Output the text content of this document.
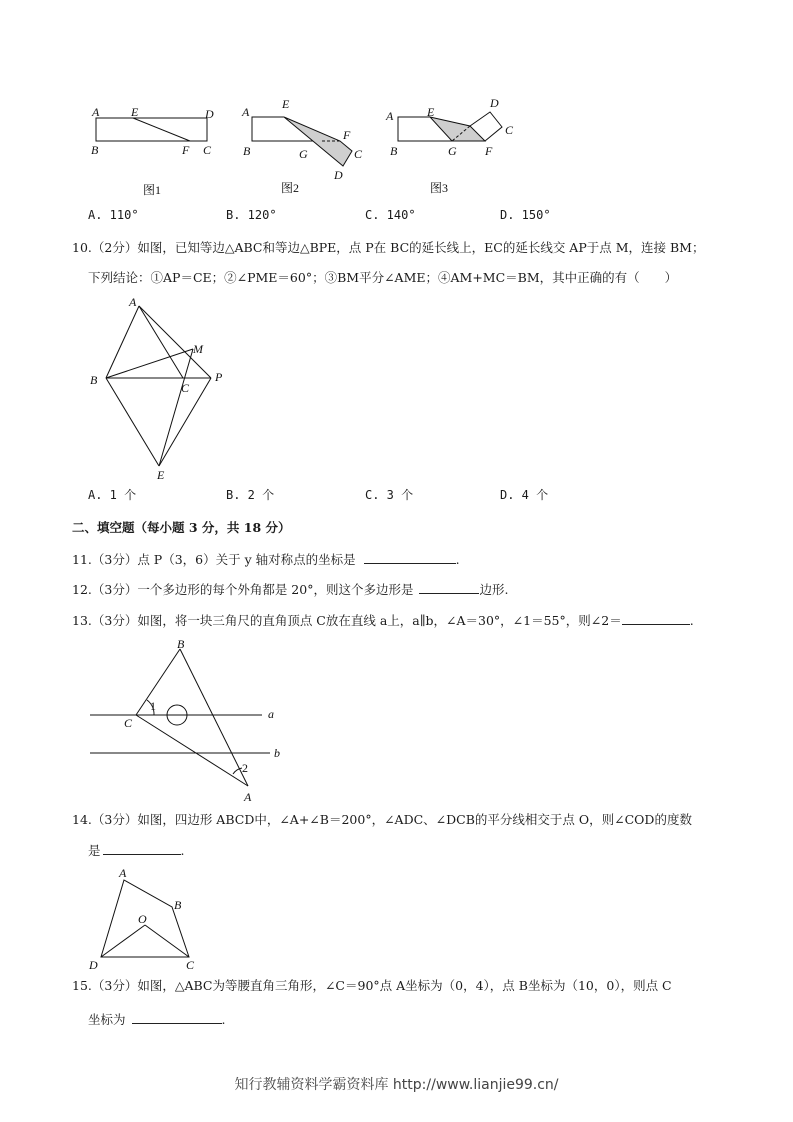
A	E	D
B	F C
图1
A
E
F
B	G	C
D
图2
A	E
D
C
B	G F
图3
A. 110°	B. 120°	C. 140°	D. 150°
10.（2分）如图，已知等边△ABC和等边△BPE，点 P在 BC的延长线上，EC的延长线交 AP于点 M，连接 BM；
下列结论：①AP＝CE；②∠PME＝60°；③BM平分∠AME；④AM+MC＝BM，其中正确的有（　　）
A
M
B
C
P
E
A. 1 个	B. 2 个	C. 3 个	D. 4 个
二、填空题（每小题 3 分，共 18 分）
11.（3分）点 P（3，6）关于 y 轴对称点的坐标是	.
12.（3分）一个多边形的每个外角都是 20°，则这个多边形是	边形.
13.（3分）如图，将一块三角尺的直角顶点 C放在直线 a上，a∥b，∠A＝30°，∠1＝55°，则∠2＝	.
B
1
C
a
b
2
A
14.（3分）如图，四边形 ABCD中，∠A+∠B＝200°，∠ADC、∠DCB的平分线相交于点 O，则∠COD的度数
是	.
A
B
O
D	C
15.（3分）如图，△ABC为等腰直角三角形，∠C＝90°点 A坐标为（0，4），点 B坐标为（10，0），则点 C
坐标为	.
知行教辅资料学霸资料库 http://www.lianjie99.cn/
